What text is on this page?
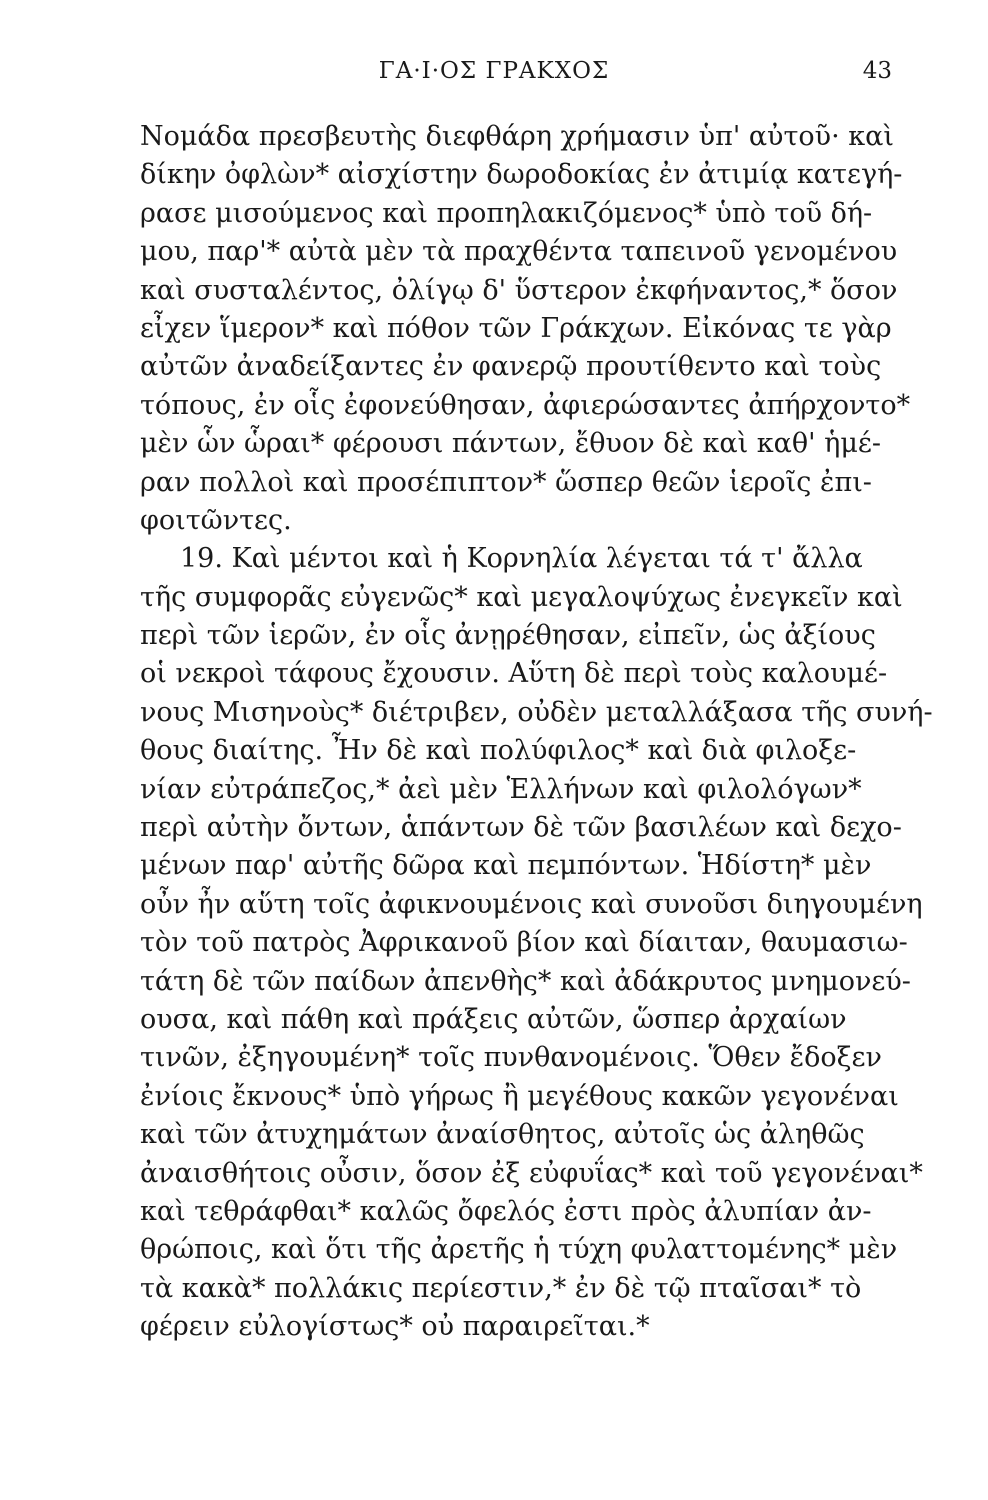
ΓΑ·Ι·ΟΣ ΓΡΑΚΧΟΣ	43
Νομάδα πρεσβευτὴς διεφθάρη χρήμασιν ὑπ' αὐτοῦ· καὶ
δίκην ὀφλὼν* αἰσχίστην δωροδοκίας ἐν ἀτιμίᾳ κατεγή-
ρασε μισούμενος καὶ προπηλακιζόμενος* ὑπὸ τοῦ δή-
μου, παρ'* αὐτὰ μὲν τὰ πραχθέντα ταπεινοῦ γενομένου
καὶ συσταλέντος, ὀλίγῳ δ' ὕστερον ἐκφήναντος,* ὅσον
εἶχεν ἵμερον* καὶ πόθον τῶν Γράκχων. Εἰκόνας τε γὰρ
αὐτῶν ἀναδείξαντες ἐν φανερῷ προυτίθεντο καὶ τοὺς
τόπους, ἐν οἷς ἐφονεύθησαν, ἀφιερώσαντες ἀπήρχοντο*
μὲν ὧν ὧραι* φέρουσι πάντων, ἔθυον δὲ καὶ καθ' ἡμέ-
ραν πολλοὶ καὶ προσέπιπτον* ὥσπερ θεῶν ἱεροῖς ἐπι-
φοιτῶντες.
19. Καὶ μέντοι καὶ ἡ Κορνηλία λέγεται τά τ' ἄλλα
τῆς συμφορᾶς εὐγενῶς* καὶ μεγαλοψύχως ἐνεγκεῖν καὶ
περὶ τῶν ἱερῶν, ἐν οἷς ἀνῃρέθησαν, εἰπεῖν, ὡς ἀξίους
οἱ νεκροὶ τάφους ἔχουσιν. Αὕτη δὲ περὶ τοὺς καλουμέ-
νους Μισηνοὺς* διέτριβεν, οὐδὲν μεταλλάξασα τῆς συνή-
θους διαίτης. Ἦν δὲ καὶ πολύφιλος* καὶ διὰ φιλοξε-
νίαν εὐτράπεζος,* ἀεὶ μὲν Ἑλλήνων καὶ φιλολόγων*
περὶ αὐτὴν ὄντων, ἁπάντων δὲ τῶν βασιλέων καὶ δεχο-
μένων παρ' αὐτῆς δῶρα καὶ πεμπόντων. Ἡδίστη* μὲν
οὖν ἦν αὕτη τοῖς ἀφικνουμένοις καὶ συνοῦσι διηγουμένη
τὸν τοῦ πατρὸς Ἀφρικανοῦ βίον καὶ δίαιταν, θαυμασιω-
τάτη δὲ τῶν παίδων ἀπενθὴς* καὶ ἀδάκρυτος μνημονεύ-
ουσα, καὶ πάθη καὶ πράξεις αὐτῶν, ὥσπερ ἀρχαίων
τινῶν, ἐξηγουμένη* τοῖς πυνθανομένοις. Ὅθεν ἔδοξεν
ἐνίοις ἔκνους* ὑπὸ γήρως ἢ μεγέθους κακῶν γεγονέναι
καὶ τῶν ἀτυχημάτων ἀναίσθητος, αὐτοῖς ὡς ἀληθῶς
ἀναισθήτοις οὖσιν, ὅσον ἐξ εὐφυΐας* καὶ τοῦ γεγονέναι*
καὶ τεθράφθαι* καλῶς ὄφελός ἐστι πρὸς ἀλυπίαν ἀν-
θρώποις, καὶ ὅτι τῆς ἀρετῆς ἡ τύχη φυλαττομένης* μὲν
τὰ κακὰ* πολλάκις περίεστιν,* ἐν δὲ τῷ πταῖσαι* τὸ
φέρειν εὐλογίστως* οὐ παραιρεῖται.*
